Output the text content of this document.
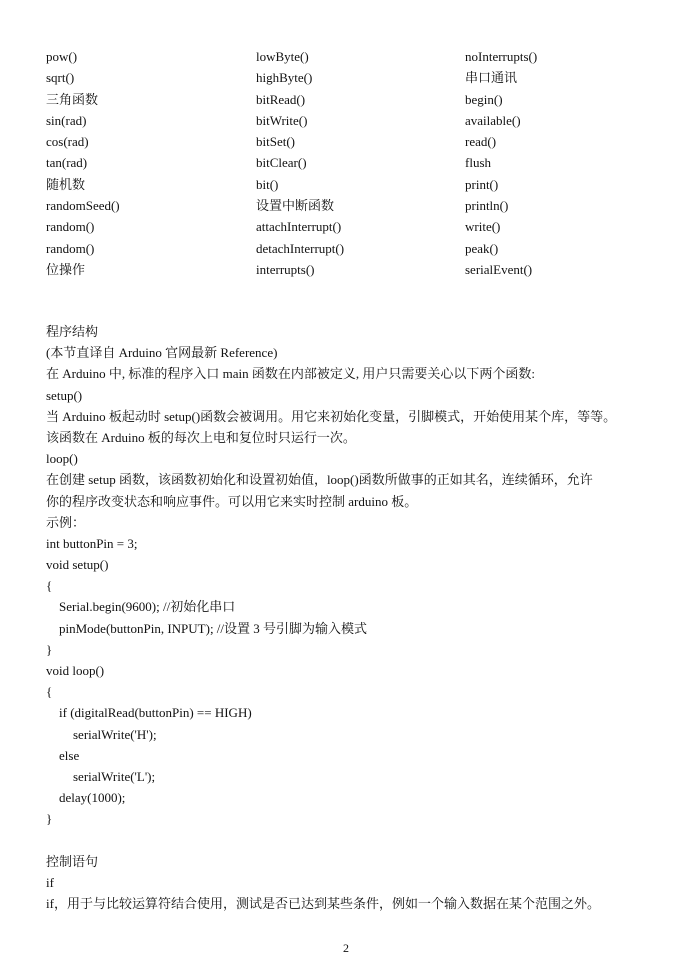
pow()
sqrt()
三角函数
sin(rad)
cos(rad)
tan(rad)
随机数
randomSeed()
random()
random()
位操作
lowByte()
highByte()
bitRead()
bitWrite()
bitSet()
bitClear()
bit()
设置中断函数
attachInterrupt()
detachInterrupt()
interrupts()
noInterrupts()
串口通讯
begin()
available()
read()
flush
print()
println()
write()
peak()
serialEvent()
程序结构
(本节直译自 Arduino 官网最新 Reference)
在 Arduino 中, 标准的程序入口 main 函数在内部被定义, 用户只需要关心以下两个函数:
setup()
当 Arduino 板起动时 setup()函数会被调用。用它来初始化变量，引脚模式，开始使用某个库，等等。
该函数在 Arduino 板的每次上电和复位时只运行一次。
loop()
在创建 setup 函数，该函数初始化和设置初始值，loop()函数所做事的正如其名，连续循环，允许
你的程序改变状态和响应事件。可以用它来实时控制 arduino 板。
示例：
int buttonPin = 3;
void setup()
{
Serial.begin(9600); //初始化串口
pinMode(buttonPin, INPUT); //设置 3 号引脚为输入模式
}
void loop()
{
if (digitalRead(buttonPin) == HIGH)
serialWrite('H');
else
serialWrite('L');
delay(1000);
}
控制语句
if
if，用于与比较运算符结合使用，测试是否已达到某些条件，例如一个输入数据在某个范围之外。
2
